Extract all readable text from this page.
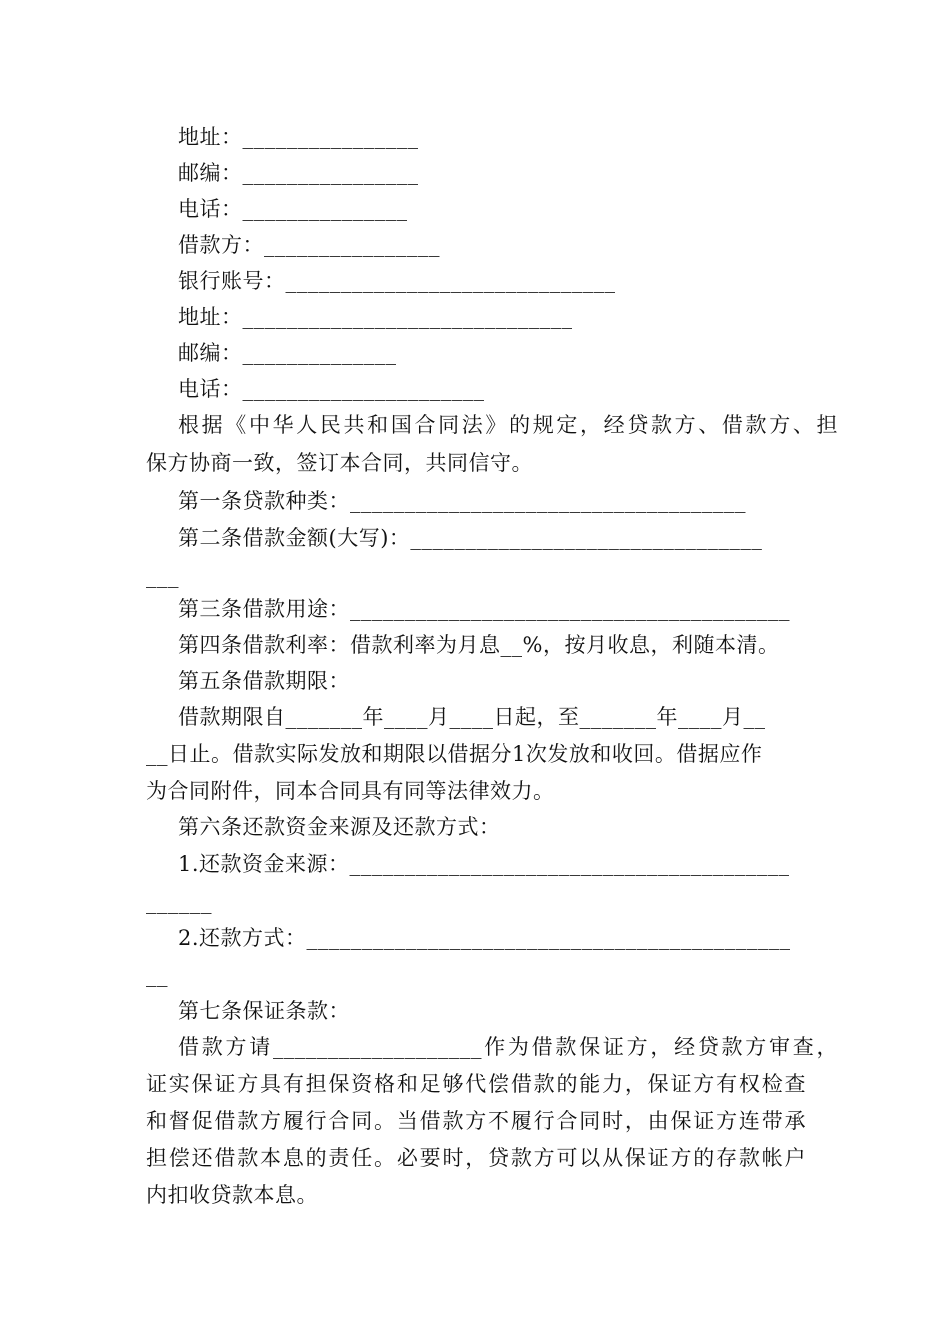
地址：________________
邮编：________________
电话：_______________
借款方：________________
银行账号：______________________________
地址：______________________________
邮编：______________
电话：______________________
根据《中华人民共和国合同法》的规定，经贷款方、借款方、担
保方协商一致，签订本合同，共同信守。
第一条贷款种类：____________________________________
第二条借款金额(大写)：________________________________
___
第三条借款用途：________________________________________
第四条借款利率：借款利率为月息__%，按月收息，利随本清。
第五条借款期限：
借款期限自_______年____月____日起，至_______年____月__
__日止。借款实际发放和期限以借据分1次发放和收回。借据应作
为合同附件，同本合同具有同等法律效力。
第六条还款资金来源及还款方式：
1.还款资金来源：________________________________________
______
2.还款方式：____________________________________________
__
第七条保证条款：
借款方请___________________作为借款保证方，经贷款方审查，
证实保证方具有担保资格和足够代偿借款的能力，保证方有权检查
和督促借款方履行合同。当借款方不履行合同时，由保证方连带承
担偿还借款本息的责任。必要时，贷款方可以从保证方的存款帐户
内扣收贷款本息。
